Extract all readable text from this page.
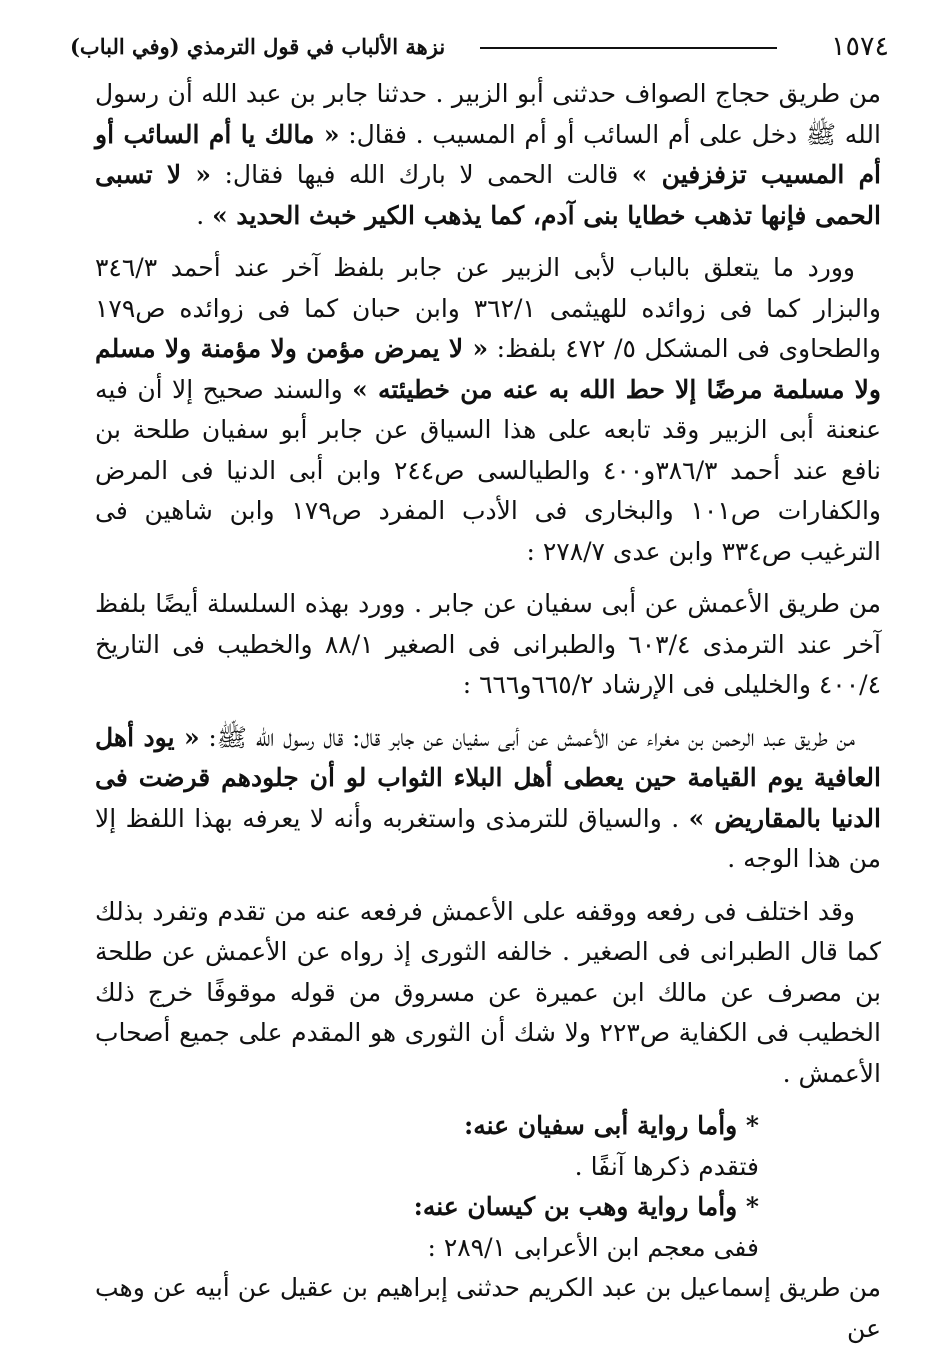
١٥٧٤
نزهة الألباب في قول الترمذي (وفي الباب)

من طريق حجاج الصواف حدثنى أبو الزبير . حدثنا جابر بن عبد الله أن رسول الله ﷺ دخل على أم السائب أو أم المسيب . فقال: « مالك يا أم السائب أو أم المسيب تزفزفين » قالت الحمى لا بارك الله فيها فقال: « لا تسبى الحمى فإنها تذهب خطايا بنى آدم، كما يذهب الكير خبث الحديد » .

وورد ما يتعلق بالباب لأبى الزبير عن جابر بلفظ آخر عند أحمد ٣٤٦/٣ والبزار كما فى زوائده للهيثمى ٣٦٢/١ وابن حبان كما فى زوائده ص١٧٩ والطحاوى فى المشكل ٥/ ٤٧٢ بلفظ: « لا يمرض مؤمن ولا مؤمنة ولا مسلم ولا مسلمة مرضًا إلا حط الله به عنه من خطيئته » والسند صحيح إلا أن فيه عنعنة أبى الزبير وقد تابعه على هذا السياق عن جابر أبو سفيان طلحة بن نافع عند أحمد ٣٨٦/٣و٤٠٠ والطيالسى ص٢٤٤ وابن أبى الدنيا فى المرض والكفارات ص١٠١ والبخارى فى الأدب المفرد ص١٧٩ وابن شاهين فى الترغيب ص٣٣٤ وابن عدى ٢٧٨/٧ :

من طريق الأعمش عن أبى سفيان عن جابر . وورد بهذه السلسلة أيضًا بلفظ آخر عند الترمذى ٦٠٣/٤ والطبرانى فى الصغير ٨٨/١ والخطيب فى التاريخ ٤٠٠/٤ والخليلى فى الإرشاد ٦٦٥/٢و٦٦٦ :

من طريق عبد الرحمن بن مغراء عن الأعمش عن أبى سفيان عن جابر قال: قال رسول الله ﷺ: « يود أهل العافية يوم القيامة حين يعطى أهل البلاء الثواب لو أن جلودهم قرضت فى الدنيا بالمقاريض » . والسياق للترمذى واستغربه وأنه لا يعرفه بهذا اللفظ إلا من هذا الوجه .

وقد اختلف فى رفعه ووقفه على الأعمش فرفعه عنه من تقدم وتفرد بذلك كما قال الطبرانى فى الصغير . خالفه الثورى إذ رواه عن الأعمش عن طلحة بن مصرف عن مالك ابن عميرة عن مسروق من قوله موقوفًا خرج ذلك الخطيب فى الكفاية ص٢٢٣ ولا شك أن الثورى هو المقدم على جميع أصحاب الأعمش .

* وأما رواية أبى سفيان عنه:

فتقدم ذكرها آنفًا .

* وأما رواية وهب بن كيسان عنه:

ففى معجم ابن الأعرابى ٢٨٩/١ :

من طريق إسماعيل بن عبد الكريم حدثنى إبراهيم بن عقيل عن أبيه عن وهب عن
